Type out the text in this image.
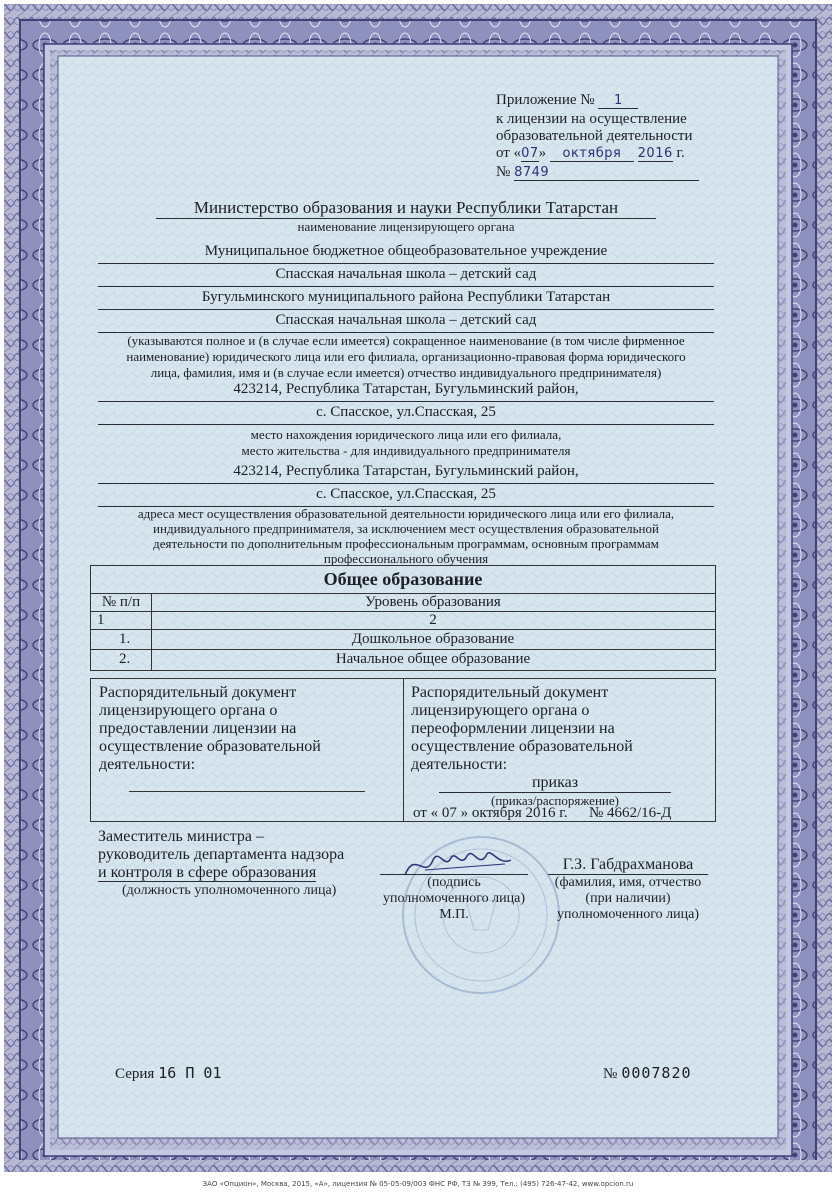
Приложение № 1
к лицензии на осуществление
образовательной деятельности
от «07» октября 2016 г.
№ 8749
Министерство образования и науки Республики Татарстан
наименование лицензирующего органа
Муниципальное бюджетное общеобразовательное учреждение
Спасская начальная школа – детский сад
Бугульминского муниципального района Республики Татарстан
Спасская начальная школа – детский сад
(указываются полное и (в случае если имеется) сокращенное наименование (в том числе фирменное
наименование) юридического лица или его филиала, организационно-правовая форма юридического
лица, фамилия, имя и (в случае если имеется) отчество индивидуального предпринимателя)
423214, Республика Татарстан, Бугульминский район,
с. Спасское, ул.Спасская, 25
место нахождения юридического лица или его филиала,
место жительства - для индивидуального предпринимателя
423214, Республика Татарстан, Бугульминский район,
с. Спасское, ул.Спасская, 25
адреса мест осуществления образовательной деятельности юридического лица или его филиала,
индивидуального предпринимателя, за исключением мест осуществления образовательной
деятельности по дополнительным профессиональным программам, основным программам
профессионального обучения
Общее образование
№ п/п	Уровень образования
1	2
1.	Дошкольное образование
2.	Начальное общее образование
Распорядительный документ
лицензирующего органа о
предоставлении лицензии на
осуществление образовательной
деятельности:
Распорядительный документ
лицензирующего органа о
переоформлении лицензии на
осуществление образовательной
деятельности:
приказ
(приказ/распоряжение)
от « 07 » октября 2016 г. № 4662/16-Д
Заместитель министра –
руководитель департамента надзора
и контроля в сфере образования
(должность уполномоченного лица)
(подпись
уполномоченного лица)
М.П.
Г.З. Габдрахманова
(фамилия, имя, отчество
(при наличии)
уполномоченного лица)
Серия 16 П 01	№ 0007820
ЗАО «Опцион», Москва, 2015, «А», лицензия № 05-05-09/003 ФНС РФ, ТЗ № 399, Тел.: (495) 726-47-42, www.opcion.ru
